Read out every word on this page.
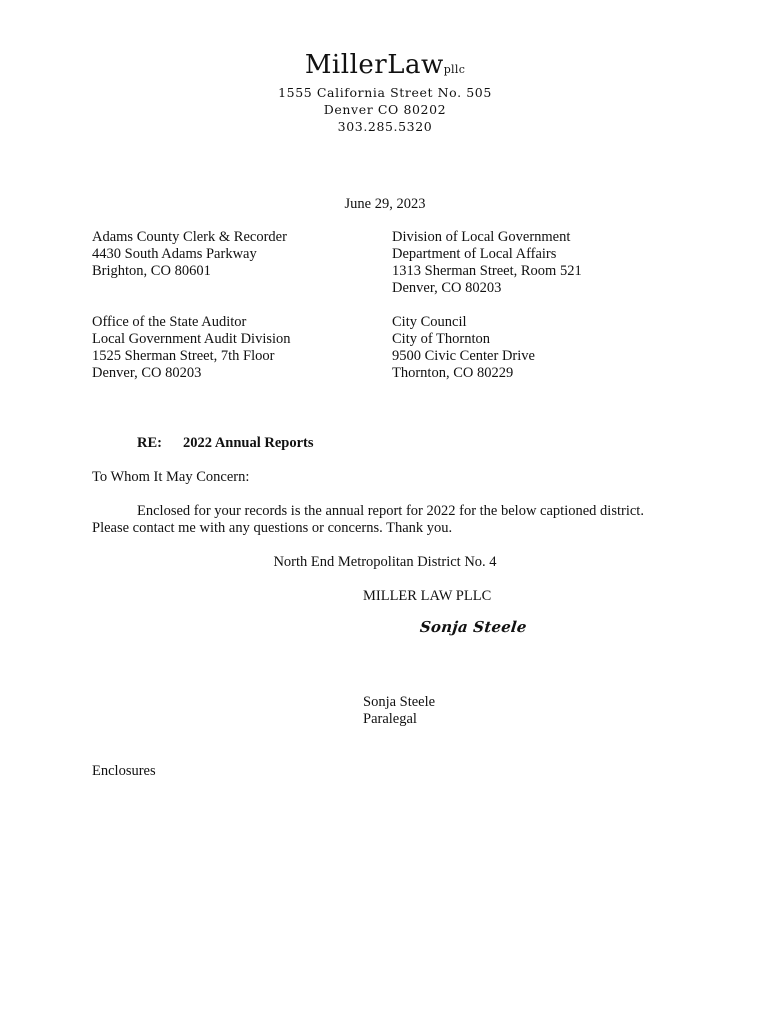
MillerLawpllc
1555 California Street No. 505
Denver CO 80202
303.285.5320
June 29, 2023
Adams County Clerk & Recorder
4430 South Adams Parkway
Brighton, CO 80601
Division of Local Government
Department of Local Affairs
1313 Sherman Street, Room 521
Denver, CO 80203
Office of the State Auditor
Local Government Audit Division
1525 Sherman Street, 7th Floor
Denver, CO 80203
City Council
City of Thornton
9500 Civic Center Drive
Thornton, CO 80229
RE: 2022 Annual Reports
To Whom It May Concern:
Enclosed for your records is the annual report for 2022 for the below captioned district. Please contact me with any questions or concerns. Thank you.
North End Metropolitan District No. 4
MILLER LAW PLLC
Sonja Steele
Sonja Steele
Paralegal
Enclosures
